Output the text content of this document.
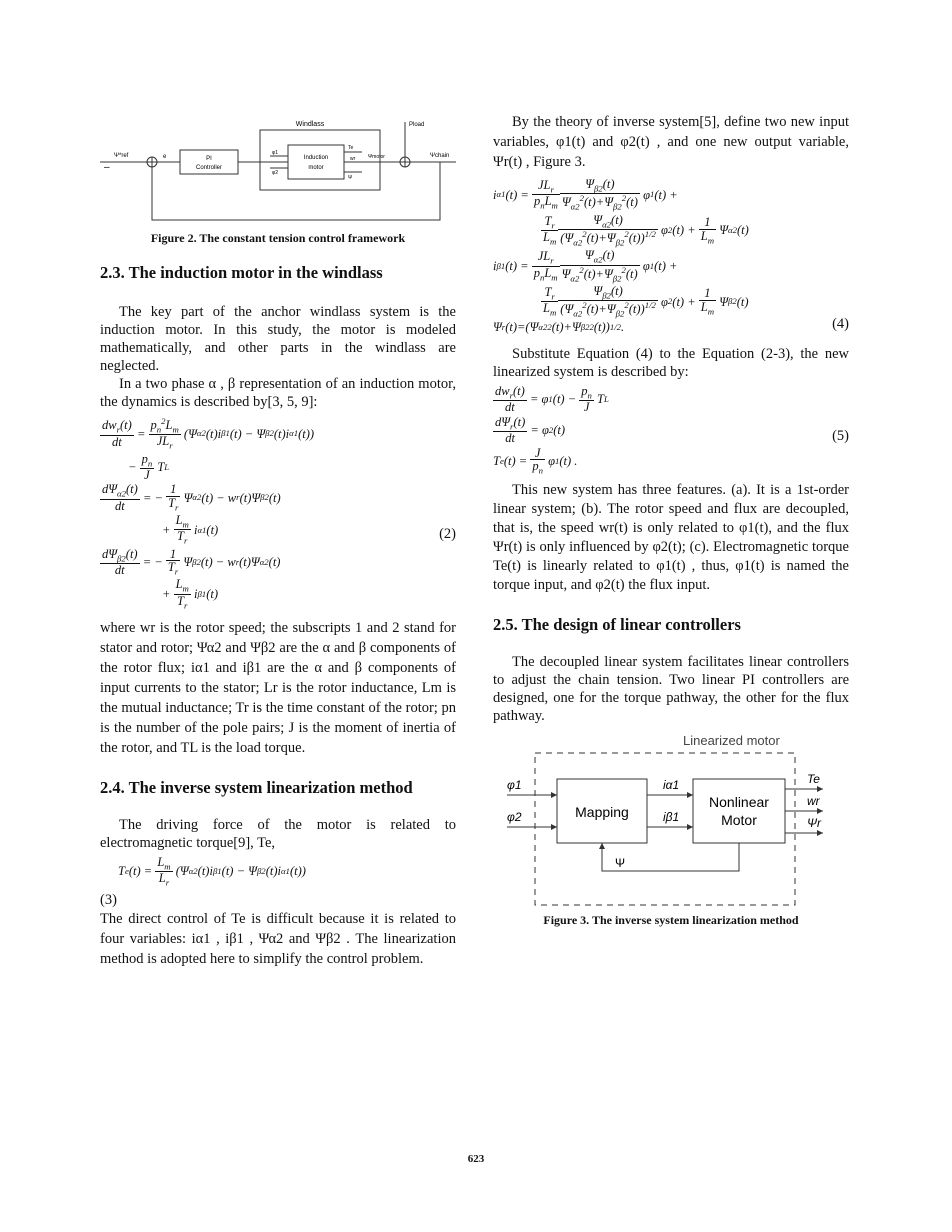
Windlass
PI
Controller
Induction
motor
Ψ*ref	e
φ1
φ2
Te
wr
Ψ
Ψmotor
Pload
Ψchain
–
Figure 2. The constant tension control framework
2.3. The induction motor in the windlass

The key part of the anchor windlass system is the induction motor. In this study, the motor is modeled mathematically, and other parts in the windlass are neglected.

In a two phase α , β representation of an induction motor, the dynamics is described by[3, 5, 9]:

$\frac{dw_r(t)}{dt} = \frac{p_n^2L_m}{JL_r} (\Psi$ α2 (t)i β1 (t) − Ψ β2 (t)i α1 (t))
− $\frac{p_n}{J}$ T L
$\frac{d\Psi_{\alpha 2}(t)}{dt}$ = − $\frac{1}{T_r}$ Ψ α2 (t) − w r (t)Ψ β2 (t)
+ $\frac{L_m}{T_r}$ i α1 (t)
$\frac{d\Psi_{\beta 2}(t)}{dt}$ = − $\frac{1}{T_r}$ Ψ β2 (t) − w r (t)Ψ α2 (t)
+ $\frac{L_m}{T_r}$ i β1 (t)
(2)

where wr is the rotor speed; the subscripts 1 and 2 stand for stator and rotor; Ψα2 and Ψβ2 are the α and β components of the rotor flux; iα1 and iβ1 are the α and β components of input currents to the stator; Lr is the rotor inductance, Lm is the mutual inductance; Tr is the time constant of the rotor; pn is the number of the pole pairs; J is the moment of inertia of the rotor, and TL is the load torque.

2.4. The inverse system linearization method

The driving force of the motor is related to electromagnetic torque[9], Te,

T e $(t) = \frac{L_m}{L_r} (\Psi$ α2 (t)i β1 (t) − Ψ β2 (t)i α1 (t))

(3)

The direct control of Te is difficult because it is related to four variables: iα1 , iβ1 , Ψα2 and Ψβ2 . The linearization method is adopted here to simplify the control problem.

By the theory of inverse system[5], define two new input variables, φ1(t) and φ2(t) , and one new output variable, Ψr(t) , Figure 3.

i α1 $(t) = \frac{JL_r}{p_nL_m} \frac{\Psi_{\beta 2}(t)}{\Psi_{\alpha 2}^2(t)+\Psi_{\beta 2}^2(t)}$ φ 1 (t) +
$\frac{T_r}{L_m} \frac{\Psi_{\alpha 2}(t)}{(\Psi_{\alpha 2}^2(t)+\Psi_{\beta 2}^2(t))^{1/2}}$ φ 2 $(t) + \frac{1}{L_m}$ Ψ α2 (t)
i β1 $(t) = \frac{JL_r}{p_nL_m} \frac{\Psi_{\alpha 2}(t)}{\Psi_{\alpha 2}^2(t)+\Psi_{\beta 2}^2(t)}$ φ 1 (t) +
$\frac{T_r}{L_m} \frac{\Psi_{\beta 2}(t)}{(\Psi_{\alpha 2}^2(t)+\Psi_{\beta 2}^2(t))^{1/2}}$ φ 2 $(t) + \frac{1}{L_m}$ Ψ β2 (t)
Ψ r (t)=(Ψ α2 2 (t)+Ψ β2 2 (t)) 1/2 .	(4)

Substitute Equation (4) to the Equation (2-3), the new linearized system is described by:

$\frac{dw_r(t)}{dt} = \varphi$ 1 $(t) - \frac{p_n}{J}$ T L
$\frac{d\Psi_r(t)}{dt} = \varphi$ 2 (t)
T e $(t) = \frac{J}{p_n}$ φ 1 (t) .
(5)

This new system has three features. (a). It is a 1st-order linear system; (b). The rotor speed and flux are decoupled, that is, the speed wr(t) is only related to φ1(t), and the flux Ψr(t) is only influenced by φ2(t); (c). Electromagnetic torque Te(t) is linearly related to φ1(t) , thus, φ1(t) is named the torque input, and φ2(t) the flux input.

2.5. The design of linear controllers

The decoupled linear system facilitates linear controllers to adjust the chain tension. Two linear PI controllers are designed, one for the torque pathway, the other for the flux pathway.

Linearized motor
Mapping
Nonlinear
Motor
φ1
φ2
iα1
iβ1
Te
wr
Ψr
Ψ
Figure 3. The inverse system linearization method
623
